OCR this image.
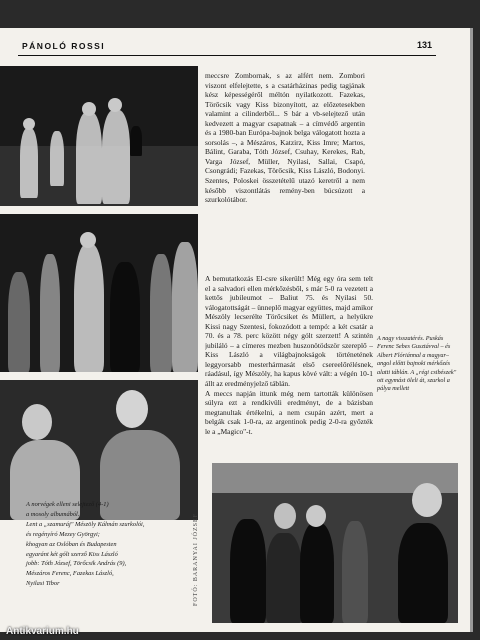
PÁNOLÓ ROSSI	131
meccsre Zombornak, s az alfért nem. Zombori viszont elfelejtette, s a csatárházinas pedig tagjának kész képességéről méltón nyilatkozott. Fazekas, Törőcsik vagy Kiss bizonyított, az előzetesekben valamint a cilinderből... S bár a vb-selejtező után kedvezett a magyar csapatnak – a címvédő argentin és a 1980-ban Európa-bajnok belga válogatott hozta a sorsolás –, a Mészáros, Katzirz, Kiss Imre; Martos, Bálint, Garaba, Tóth József, Csuhay, Kerekes, Rab, Varga József, Müller, Nyilasi, Sallai, Csapó, Csongrádi; Fazekas, Törőcsik, Kiss László, Bodonyi. Szentes, Poloskei összetételű utazó keretről a nem később viszontlátás remény-ben búcsúzott a szurkolótábor.
A bemutatkozás El-csre sikerült! Még egy óra sem telt el a salvadori ellen mérkőzésből, s már 5-0 ra vezetett a kettős jubileumot – Baliut 75. és Nyilasi 50. válogatottságát – ünneplő magyar együttes, majd amikor Mészöly lecserélte Törőcsiket és Müllert, a helyükre Kissi nagy Szentesi, fokozódott a tempó: a két csatár a 70. és a 78. perc között négy gólt szerzett! A szintén jubiláló – a címeres mezben huszonötödször szereplő – Kiss László a világbajnokságok történetének leggyorsabb mesterhármasát első csereelőrélésnek, ráadásul, így Mészöly, ha kapus kövé vált: a végén 10-1 állt az eredményjelző táblán.
A meccs napján ittunk még nem tartották különösen súlyra ezt a rendkívüli eredményt, de a bázisban megtanultak értékelni, a nem csupán azért, mert a belgák csak 1-0-ra, az argentinok pedig 2-0-ra győzték le a „Magico"-t.
A nagy visszatérés. Puskás Ferenc Sebes Gusztávval – és Albert Flóriánnal a magyar–angol előtti bajnoki mérkőzés alatti táblán. A „régi csibészek" ott egymást öleli át, szurkol a pálya mellett
A norvégek elleni selejtező (4-1)
a mosoly albumából.
Lent a „szamuráj" Mészöly Kálmán szurkolói,
és regényíró Mezey Györgyi;
khogyan az Oslóban és Budapesten
egyaránt két gólt szerző Kiss László
jobb: Tóth József, Törőcsik András (9),
Mészáros Ferenc, Fazekas László,
Nyilasi Tibor	FOTÓ: BARANYAI JÓZSEF
Antikvarium.hu
